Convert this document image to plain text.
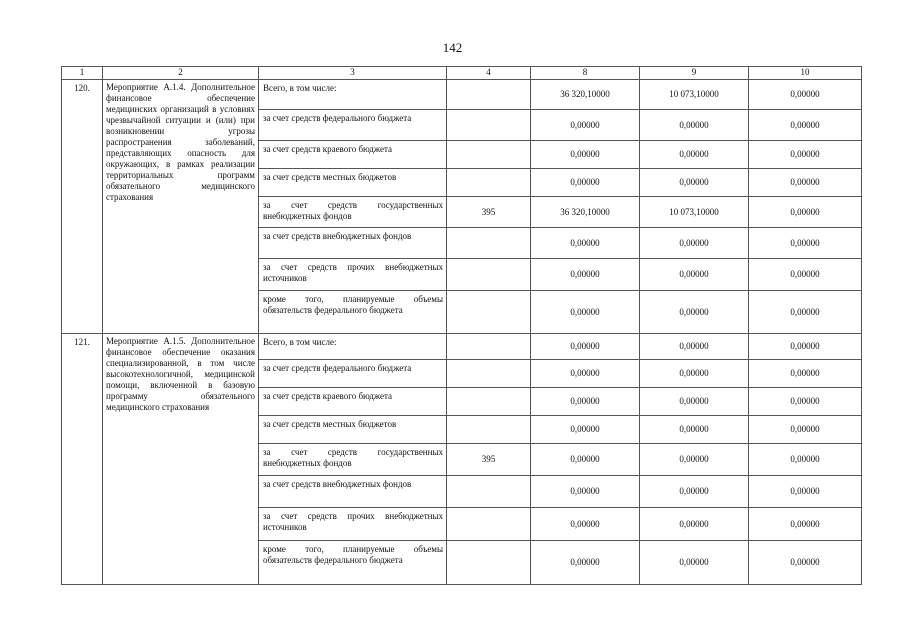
142
1	2	3	4	8	9	10
120.	Мероприятие А.1.4. Дополнительное финансовое обеспечение медицинских организаций в условиях чрезвычайной ситуации и (или) при возникновении угрозы распространения заболеваний, представляющих опасность для окружающих, в рамках реализации территориальных программ обязательного медицинского страхования	Всего, в том числе:		36 320,10000	10 073,10000	0,00000
		за счет средств федерального бюджета		0,00000	0,00000	0,00000
		за счет средств краевого бюджета		0,00000	0,00000	0,00000
		за счет средств местных бюджетов		0,00000	0,00000	0,00000
		за счет средств государственных внебюджетных фондов	395	36 320,10000	10 073,10000	0,00000
		за счет средств внебюджетных фондов		0,00000	0,00000	0,00000
		за счет средств прочих внебюджетных источников		0,00000	0,00000	0,00000
		кроме того, планируемые объемы обязательств федерального бюджета		0,00000	0,00000	0,00000
121.	Мероприятие А.1.5. Дополнительное финансовое обеспечение оказания специализированной, в том числе высокотехнологичной, медицинской помощи, включенной в базовую программу обязательного медицинского страхования	Всего, в том числе:		0,00000	0,00000	0,00000
		за счет средств федерального бюджета		0,00000	0,00000	0,00000
		за счет средств краевого бюджета		0,00000	0,00000	0,00000
		за счет средств местных бюджетов		0,00000	0,00000	0,00000
		за счет средств государственных внебюджетных фондов	395	0,00000	0,00000	0,00000
		за счет средств внебюджетных фондов		0,00000	0,00000	0,00000
		за счет средств прочих внебюджетных источников		0,00000	0,00000	0,00000
		кроме того, планируемые объемы обязательств федерального бюджета		0,00000	0,00000	0,00000
